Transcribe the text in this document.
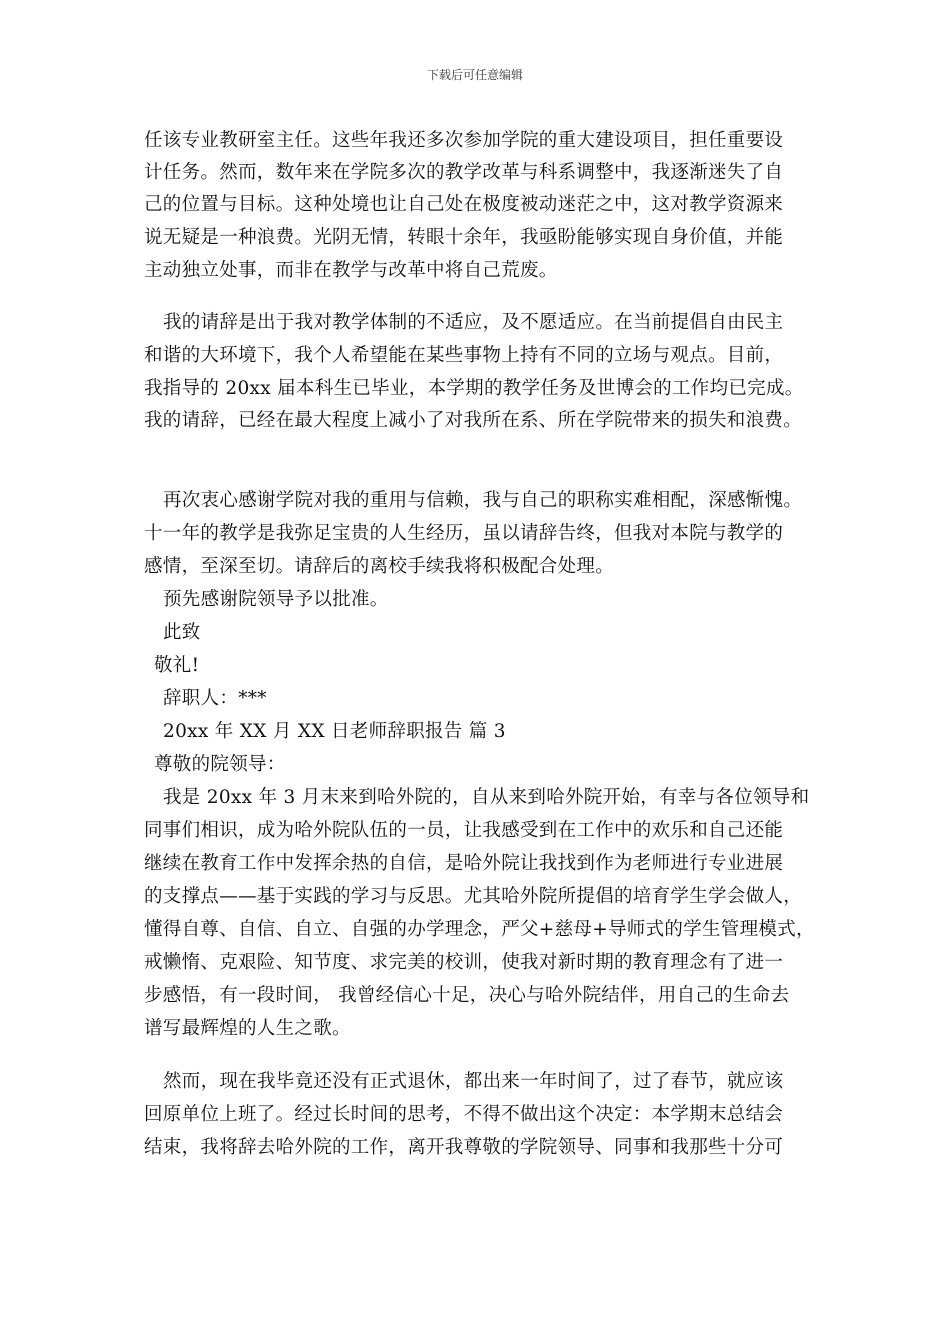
下载后可任意编辑
任该专业教研室主任。这些年我还多次参加学院的重大建设项目，担任重要设
计任务。然而，数年来在学院多次的教学改革与科系调整中，我逐渐迷失了自
己的位置与目标。这种处境也让自己处在极度被动迷茫之中，这对教学资源来
说无疑是一种浪费。光阴无情，转眼十余年，我亟盼能够实现自身价值，并能
主动独立处事，而非在教学与改革中将自己荒废。
我的请辞是出于我对教学体制的不适应，及不愿适应。在当前提倡自由民主
和谐的大环境下，我个人希望能在某些事物上持有不同的立场与观点。目前，
我指导的 20xx 届本科生已毕业，本学期的教学任务及世博会的工作均已完成。
我的请辞，已经在最大程度上减小了对我所在系、所在学院带来的损失和浪费。
再次衷心感谢学院对我的重用与信赖，我与自己的职称实难相配，深感惭愧。
十一年的教学是我弥足宝贵的人生经历，虽以请辞告终，但我对本院与教学的
感情，至深至切。请辞后的离校手续我将积极配合处理。
预先感谢院领导予以批准。
此致
敬礼!
辞职人：***
20xx 年 XX 月 XX 日老师辞职报告 篇 3
尊敬的院领导：
我是 20xx 年 3 月末来到哈外院的，自从来到哈外院开始，有幸与各位领导和
同事们相识，成为哈外院队伍的一员，让我感受到在工作中的欢乐和自己还能
继续在教育工作中发挥余热的自信，是哈外院让我找到作为老师进行专业进展
的支撑点——基于实践的学习与反思。尤其哈外院所提倡的培育学生学会做人，
懂得自尊、自信、自立、自强的办学理念，严父+慈母+导师式的学生管理模式，
戒懒惰、克艰险、知节度、求完美的校训，使我对新时期的教育理念有了进一
步感悟，有一段时间， 我曾经信心十足，决心与哈外院结伴，用自己的生命去
谱写最辉煌的人生之歌。
然而，现在我毕竟还没有正式退休，都出来一年时间了，过了春节，就应该
回原单位上班了。经过长时间的思考，不得不做出这个决定：本学期末总结会
结束，我将辞去哈外院的工作，离开我尊敬的学院领导、同事和我那些十分可
